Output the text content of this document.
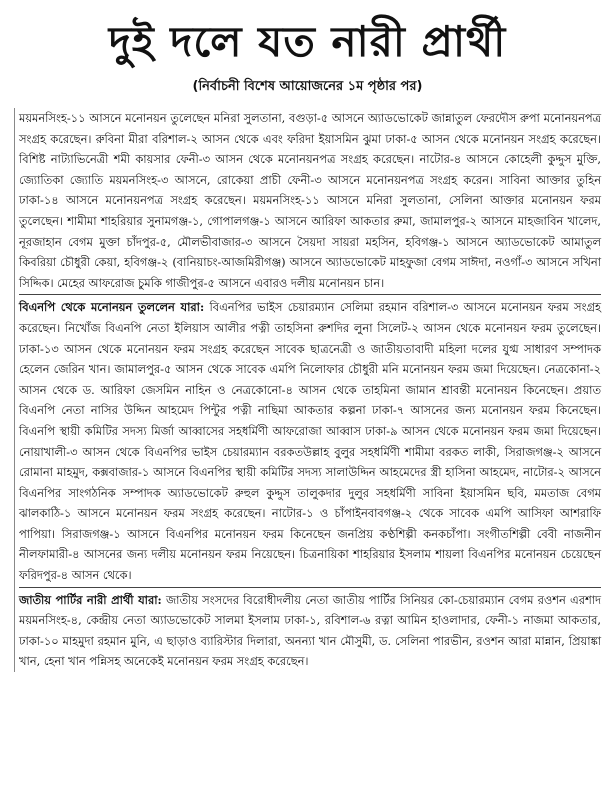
দুই দলে যত নারী প্রার্থী
(নির্বাচনী বিশেষ আয়োজনের ১ম পৃষ্ঠার পর)

ময়মনসিংহ-১১ আসনে মনোনয়ন তুলেছেন মনিরা সুলতানা, বগুড়া-৫ আসনে অ্যাডভোকেট জান্নাতুল ফেরদৌস রুপা মনোনয়নপত্র সংগ্রহ করেছেন। রুবিনা মীরা বরিশাল-২ আসন থেকে এবং ফরিদা ইয়াসমিন ঝুমা ঢাকা-৫ আসন থেকে মনোনয়ন সংগ্রহ করেছেন। বিশিষ্ট নাট্যাভিনেত্রী শমী কায়সার ফেনী-৩ আসন থেকে মনোনয়নপত্র সংগ্রহ করেছেন। নাটোর-৪ আসনে কোহেলী কুদ্দুস মুক্তি, জ্যোতিকা জ্যোতি ময়মনসিংহ-৩ আসনে, রোকেয়া প্রাচী ফেনী-৩ আসনে মনোনয়নপত্র সংগ্রহ করেন। সাবিনা আক্তার তুহিন ঢাকা-১৪ আসনে মনোনয়নপত্র সংগ্রহ করেছেন। ময়মনসিংহ-১১ আসনে মনিরা সুলতানা, সেলিনা আক্তার মনোনয়ন ফরম তুলেছেন। শামীমা শাহরিয়ার সুনামগঞ্জ-১, গোপালগঞ্জ-১ আসনে আরিফা আকতার রুমা, জামালপুর-২ আসনে মাহজাবিন খালেদ, নূরজাহান বেগম মুক্তা চাঁদপুর-৫, মৌলভীবাজার-৩ আসনে সৈয়দা সায়রা মহসিন, হবিগঞ্জ-১ আসনে অ্যাডভোকেট আমাতুল কিবরিয়া চৌধুরী কেয়া, হবিগঞ্জ-২ (বানিয়াচং-আজমিরীগঞ্জ) আসনে অ্যাডভোকেট মাহফুজা বেগম সাঈদা, নওগাঁ-৩ আসনে সখিনা সিদ্দিক। মেহের আফরোজ চুমকি গাজীপুর-৫ আসনে এবারও দলীয় মনোনয়ন চান।

বিএনপি থেকে মনোনয়ন তুললেন যারা: বিএনপির ভাইস চেয়ারম্যান সেলিমা রহমান বরিশাল-৩ আসনে মনোনয়ন ফরম সংগ্রহ করেছেন। নিখোঁজ বিএনপি নেতা ইলিয়াস আলীর পত্নী তাহসিনা রুশদির লুনা সিলেট-২ আসন থেকে মনোনয়ন ফরম তুলেছেন। ঢাকা-১৩ আসন থেকে মনোনয়ন ফরম সংগ্রহ করেছেন সাবেক ছাত্রনেত্রী ও জাতীয়তাবাদী মহিলা দলের যুগ্ম সাধারণ সম্পাদক হেলেন জেরিন খান। জামালপুর-৫ আসন থেকে সাবেক এমপি নিলোফার চৌধুরী মনি মনোনয়ন ফরম জমা দিয়েছেন। নেত্রকোনা-২ আসন থেকে ড. আরিফা জেসমিন নাহিন ও নেত্রকোনো-৪ আসন থেকে তাহমিনা জামান শ্রাবন্তী মনোনয়ন কিনেছেন। প্রয়াত বিএনপি নেতা নাসির উদ্দিন আহমেদ পিন্টুর পত্নী নাছিমা আকতার কল্পনা ঢাকা-৭ আসনের জন্য মনোনয়ন ফরম কিনেছেন। বিএনপি স্থায়ী কমিটির সদস্য মির্জা আব্বাসের সহধর্মিণী আফরোজা আব্বাস ঢাকা-৯ আসন থেকে মনোনয়ন ফরম জমা দিয়েছেন। নোয়াখালী-৩ আসন থেকে বিএনপির ভাইস চেয়ারম্যান বরকতউল্লাহ বুলুর সহধর্মিণী শামীমা বরকত লাকী, সিরাজগঞ্জ-২ আসনে রোমানা মাহমুদ, কক্সবাজার-১ আসনে বিএনপির স্থায়ী কমিটির সদস্য সালাউদ্দিন আহমেদের স্ত্রী হাসিনা আহমেদ, নাটোর-২ আসনে বিএনপির সাংগঠনিক সম্পাদক অ্যাডভোকেট রুহুল কুদ্দুস তালুকদার দুলুর সহধর্মিণী সাবিনা ইয়াসমিন ছবি, মমতাজ বেগম ঝালকাঠি-১ আসনে মনোনয়ন ফরম সংগ্রহ করেছেন। নাটোর-১ ও চাঁপাইনবাবগঞ্জ-২ থেকে সাবেক এমপি আসিফা আশরাফি পাপিয়া। সিরাজগঞ্জ-১ আসনে বিএনপির মনোনয়ন ফরম কিনেছেন জনপ্রিয় কণ্ঠশিল্পী কনকচাঁপা। সংগীতশিল্পী বেবী নাজনীন নীলফামারী-৪ আসনের জন্য দলীয় মনোনয়ন ফরম নিয়েছেন। চিত্রনায়িকা শাহরিয়ার ইসলাম শায়লা বিএনপির মনোনয়ন চেয়েছেন ফরিদপুর-৪ আসন থেকে।

জাতীয় পার্টির নারী প্রার্থী যারা: জাতীয় সংসদের বিরোধীদলীয় নেতা জাতীয় পার্টির সিনিয়র কো-চেয়ারম্যান বেগম রওশন এরশাদ ময়মনসিংহ-৪, কেন্দ্রীয় নেতা অ্যাডভোকেট সালমা ইসলাম ঢাকা-১, রবিশাল-৬ রত্না আমিন হাওলাদার, ফেনী-১ নাজমা আকতার, ঢাকা-১০ মাহমুদা রহমান মুনি, এ ছাড়াও ব্যারিস্টার দিলারা, অনন্যা খান মৌসুমী, ড. সেলিনা পারভীন, রওশন আরা মান্নান, প্রিয়াঙ্কা খান, হেনা খান পন্নিসহ অনেকেই মনোনয়ন ফরম সংগ্রহ করেছেন।
